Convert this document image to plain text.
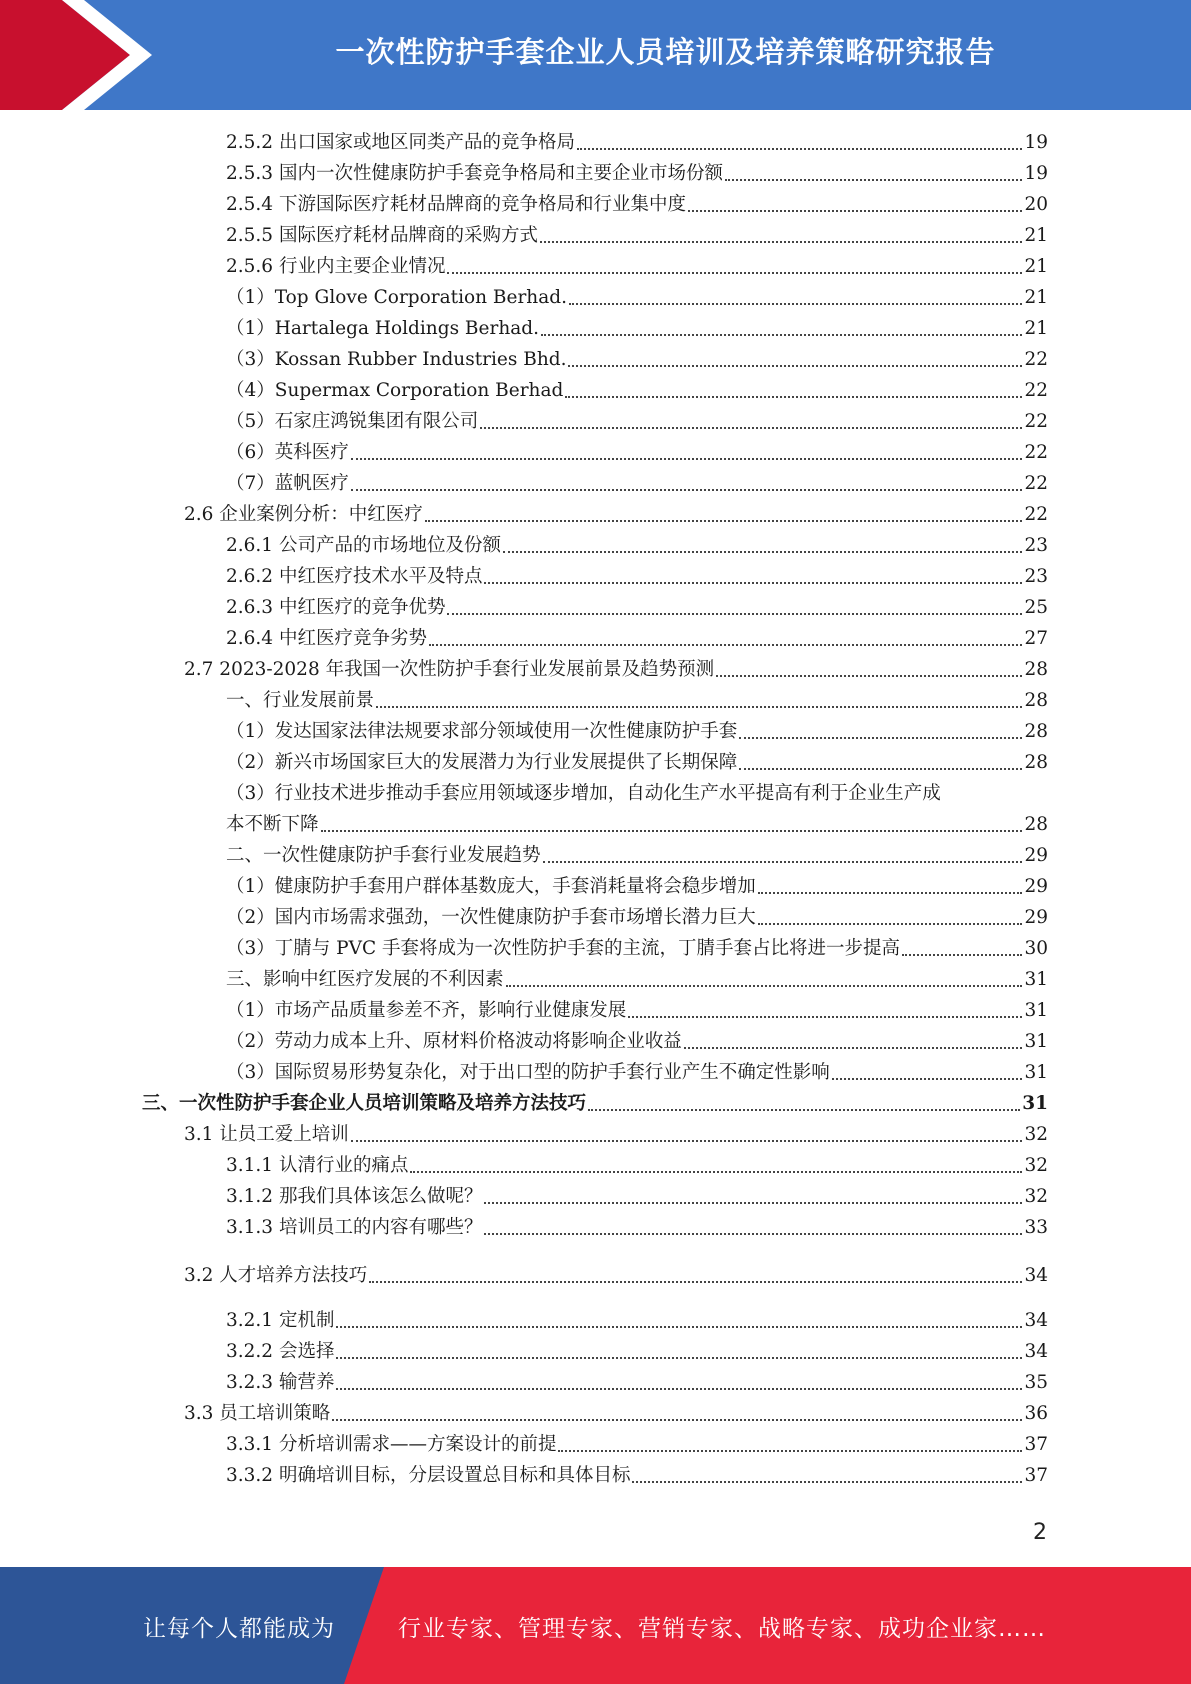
一次性防护手套企业人员培训及培养策略研究报告
2.5.2 出口国家或地区同类产品的竞争格局	19
2.5.3 国内一次性健康防护手套竞争格局和主要企业市场份额	19
2.5.4 下游国际医疗耗材品牌商的竞争格局和行业集中度	20
2.5.5 国际医疗耗材品牌商的采购方式	21
2.5.6 行业内主要企业情况	21
（1）Top Glove Corporation Berhad.	21
（1）Hartalega Holdings Berhad.	21
（3）Kossan Rubber Industries Bhd.	22
（4）Supermax Corporation Berhad	22
（5）石家庄鸿锐集团有限公司	22
（6）英科医疗	22
（7）蓝帆医疗	22
2.6 企业案例分析：中红医疗	22
2.6.1 公司产品的市场地位及份额	23
2.6.2 中红医疗技术水平及特点	23
2.6.3 中红医疗的竞争优势	25
2.6.4 中红医疗竞争劣势	27
2.7 2023-2028 年我国一次性防护手套行业发展前景及趋势预测	28
一、行业发展前景	28
（1）发达国家法律法规要求部分领域使用一次性健康防护手套	28
（2）新兴市场国家巨大的发展潜力为行业发展提供了长期保障	28
（3）行业技术进步推动手套应用领域逐步增加，自动化生产水平提高有利于企业生产成
本不断下降	28
二、一次性健康防护手套行业发展趋势	29
（1）健康防护手套用户群体基数庞大，手套消耗量将会稳步增加	29
（2）国内市场需求强劲，一次性健康防护手套市场增长潜力巨大	29
（3）丁腈与 PVC 手套将成为一次性防护手套的主流，丁腈手套占比将进一步提高	30
三、影响中红医疗发展的不利因素	31
（1）市场产品质量参差不齐，影响行业健康发展	31
（2）劳动力成本上升、原材料价格波动将影响企业收益	31
（3）国际贸易形势复杂化，对于出口型的防护手套行业产生不确定性影响	31
三、一次性防护手套企业人员培训策略及培养方法技巧	31
3.1 让员工爱上培训	32
3.1.1 认清行业的痛点	32
3.1.2 那我们具体该怎么做呢？	32
3.1.3 培训员工的内容有哪些？	33
3.2 人才培养方法技巧	34
3.2.1 定机制	34
3.2.2 会选择	34
3.2.3 输营养	35
3.3 员工培训策略	36
3.3.1 分析培训需求——方案设计的前提	37
3.3.2 明确培训目标，分层设置总目标和具体目标	37
2
让每个人都能成为	行业专家、管理专家、营销专家、战略专家、成功企业家……
